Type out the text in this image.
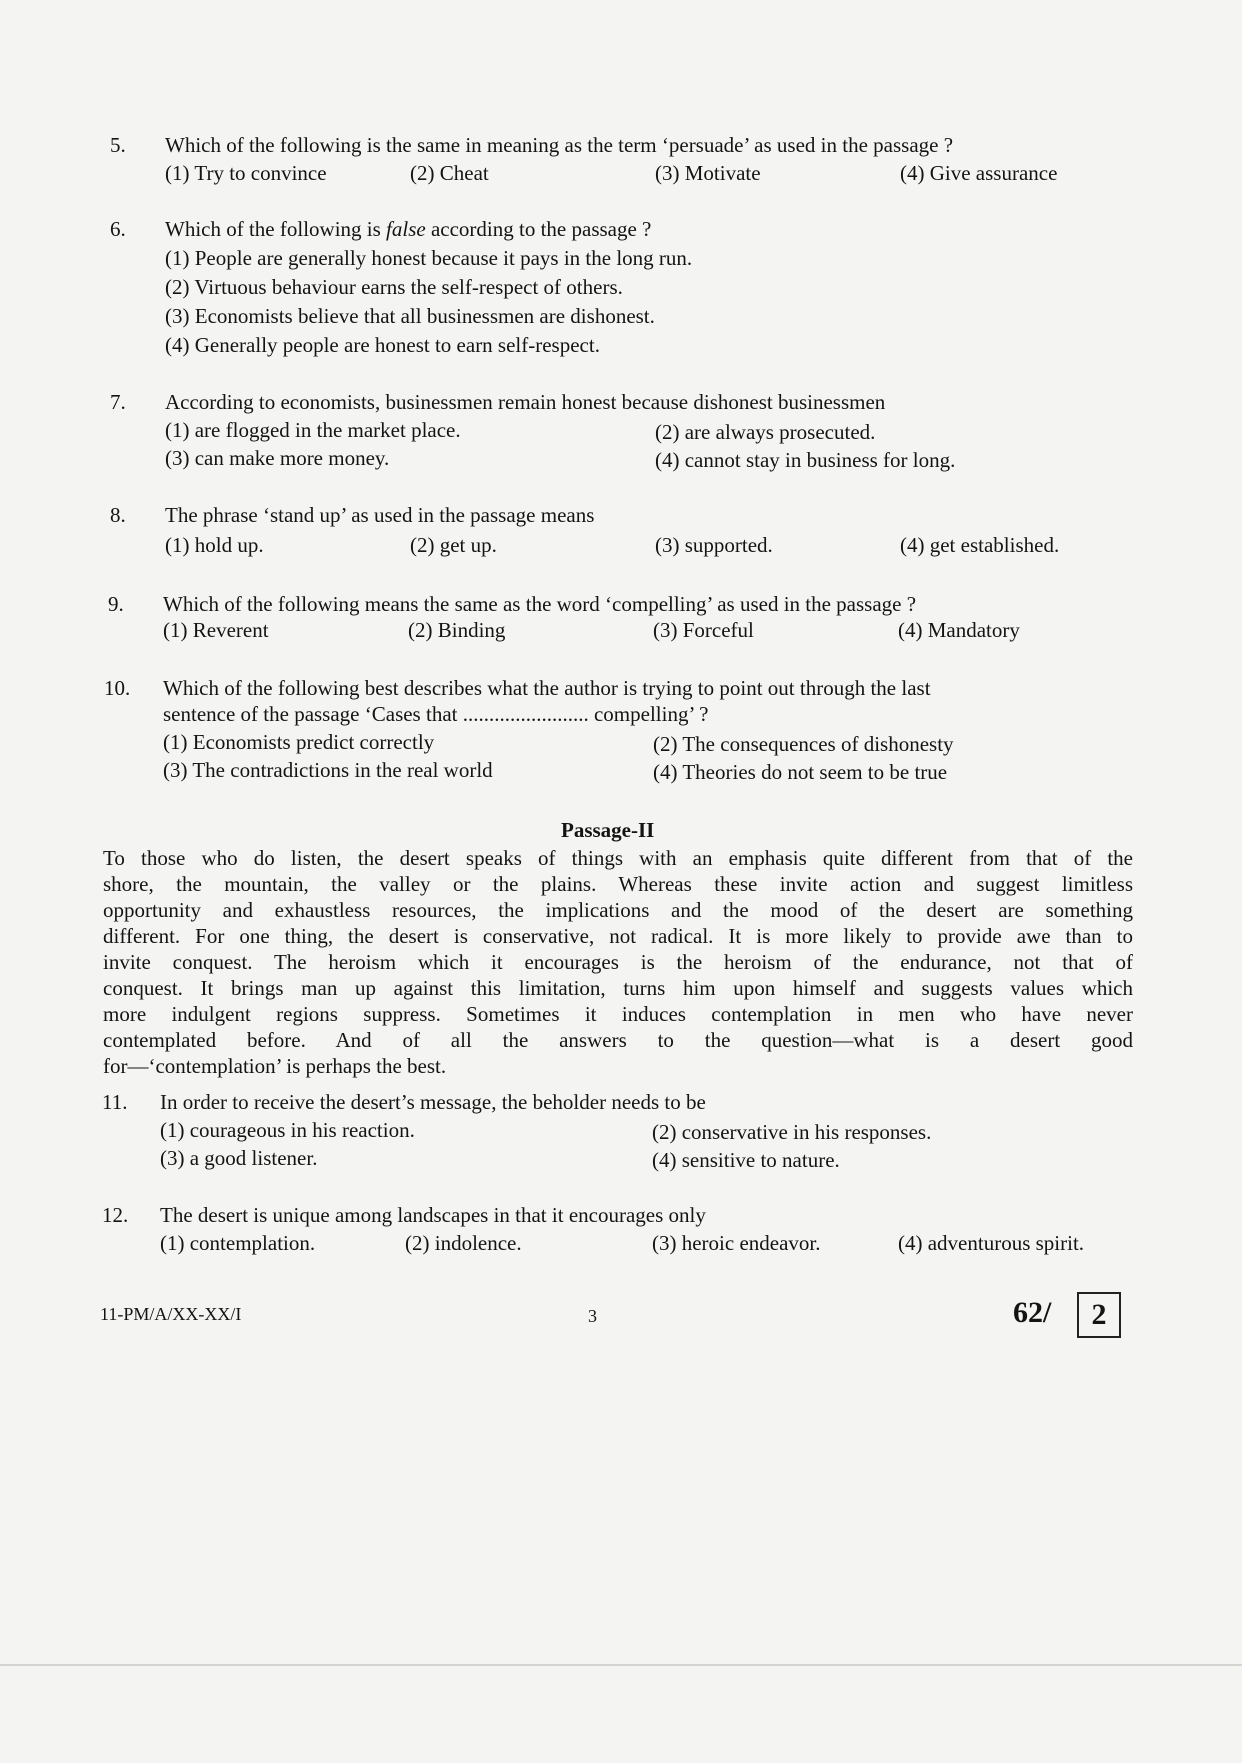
5. Which of the following is the same in meaning as the term ‘persuade’ as used in the passage ?
(1) Try to convince	(2) Cheat	(3) Motivate	(4) Give assurance
6. Which of the following is false according to the passage ?
(1) People are generally honest because it pays in the long run.
(2) Virtuous behaviour earns the self-respect of others.
(3) Economists believe that all businessmen are dishonest.
(4) Generally people are honest to earn self-respect.
7. According to economists, businessmen remain honest because dishonest businessmen
(1) are flogged in the market place.	(2) are always prosecuted.
(3) can make more money.	(4) cannot stay in business for long.
8. The phrase ‘stand up’ as used in the passage means
(1) hold up.	(2) get up.	(3) supported.	(4) get established.
9. Which of the following means the same as the word ‘compelling’ as used in the passage ?
(1) Reverent	(2) Binding	(3) Forceful	(4) Mandatory
10. Which of the following best describes what the author is trying to point out through the last
sentence of the passage ‘Cases that ........................ compelling’ ?
(1) Economists predict correctly	(2) The consequences of dishonesty
(3) The contradictions in the real world	(4) Theories do not seem to be true
Passage-II
To those who do listen, the desert speaks of things with an emphasis quite different from that of the
shore, the mountain, the valley or the plains. Whereas these invite action and suggest limitless
opportunity and exhaustless resources, the implications and the mood of the desert are something
different. For one thing, the desert is conservative, not radical. It is more likely to provide awe than to
invite conquest. The heroism which it encourages is the heroism of the endurance, not that of
conquest. It brings man up against this limitation, turns him upon himself and suggests values which
more indulgent regions suppress. Sometimes it induces contemplation in men who have never
contemplated before. And of all the answers to the question—what is a desert good
for—‘contemplation’ is perhaps the best.
11. In order to receive the desert’s message, the beholder needs to be
(1) courageous in his reaction.	(2) conservative in his responses.
(3) a good listener.	(4) sensitive to nature.
12. The desert is unique among landscapes in that it encourages only
(1) contemplation.	(2) indolence.	(3) heroic endeavor.	(4) adventurous spirit.
11-PM/A/XX-XX/I	3	62/	2
